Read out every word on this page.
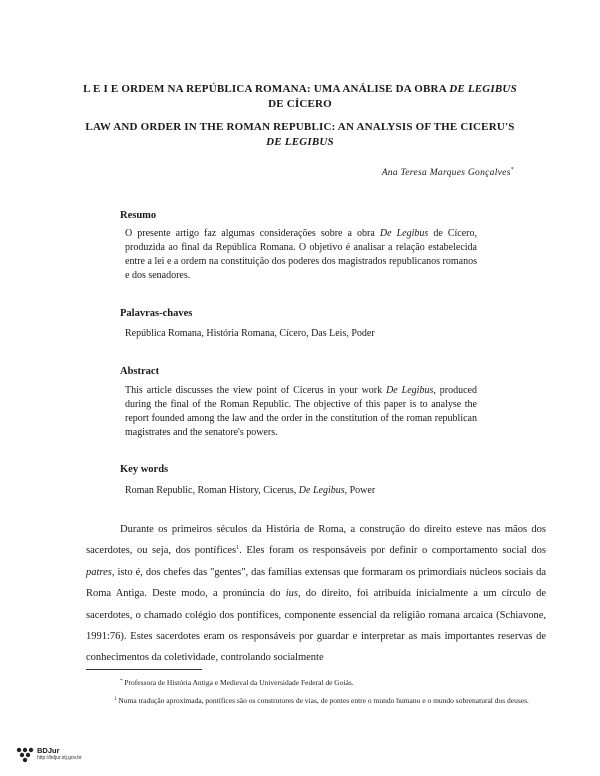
L E I E ORDEM NA REPÚBLICA ROMANA: UMA ANÁLISE DA OBRA DE LEGIBUS
DE CÍCERO
LAW AND ORDER IN THE ROMAN REPUBLIC: AN ANALYSIS OF THE CICERU'S
DE LEGIBUS
Ana Teresa Marques Gonçalves*
Resumo
O presente artigo faz algumas considerações sobre a obra De Legibus de Cícero, produzida ao final da República Romana. O objetivo é analisar a relação estabelecida entre a lei e a ordem na constituição dos poderes dos magistrados republicanos romanos e dos senadores.
Palavras-chaves
República Romana, História Romana, Cícero, Das Leis, Poder
Abstract
This article discusses the view point of Cicerus in your work De Legibus, produced during the final of the Roman Republic. The objective of this paper is to analyse the report founded among the law and the order in the constitution of the roman republican magistrates and the senatore's powers.
Key words
Roman Republic, Roman History, Cicerus, De Legibus, Power
Durante os primeiros séculos da História de Roma, a construção do direito esteve nas mãos dos sacerdotes, ou seja, dos pontífices$^1$. Eles foram os responsáveis por definir o comportamento social dos patres, isto é, dos chefes das "gentes", das famílias extensas que formaram os primordiais núcleos sociais da Roma Antiga. Deste modo, a pronúncia do ius, do direito, foi atribuída inicialmente a um círculo de sacerdotes, o chamado colégio dos pontífices, componente essencial da religião romana arcaica (Schiavone, 1991:76). Estes sacerdotes eram os responsáveis por guardar e interpretar as mais importantes reservas de conhecimentos da coletividade, controlando socialmente
* Professora de História Antiga e Medieval da Universidade Federal de Goiás.
$^1$ Numa tradução aproximada, pontífices são os construtores de vias, de pontes entre o mundo humano e o mundo sobrenatural dos deuses.
BDJur
http://bdjur.stj.gov.br
